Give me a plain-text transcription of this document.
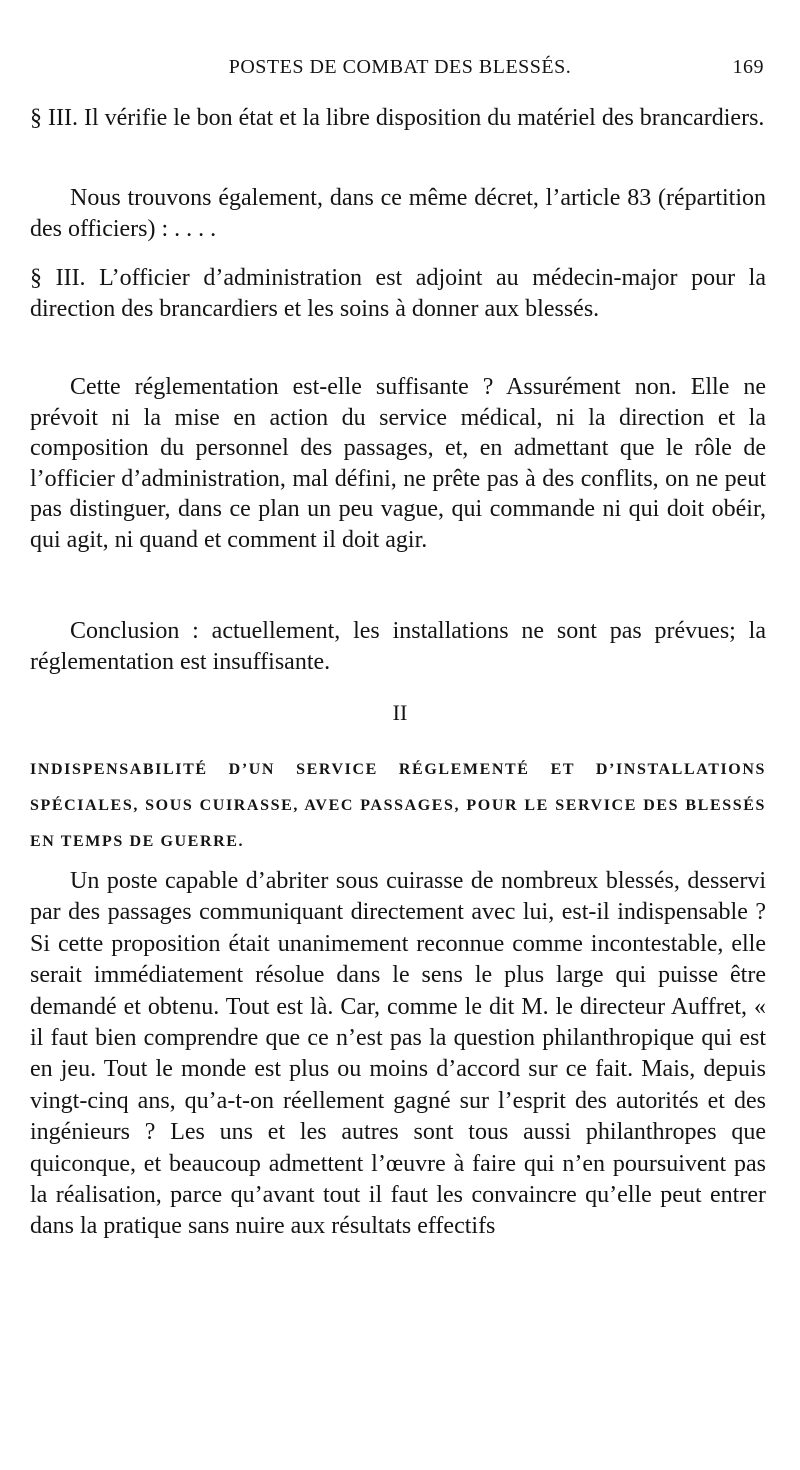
POSTES DE COMBAT DES BLESSÉS.	169

§ III. Il vérifie le bon état et la libre disposition du matériel des brancardiers.

Nous trouvons également, dans ce même décret, l’article 83 (répartition des officiers) : . . . .

§ III. L’officier d’administration est adjoint au médecin-major pour la direction des brancardiers et les soins à donner aux blessés.

Cette réglementation est-elle suffisante ? Assurément non. Elle ne prévoit ni la mise en action du service médical, ni la direction et la composition du personnel des passages, et, en admettant que le rôle de l’officier d’administration, mal défini, ne prête pas à des conflits, on ne peut pas distinguer, dans ce plan un peu vague, qui commande ni qui doit obéir, qui agit, ni quand et comment il doit agir.

Conclusion : actuellement, les installations ne sont pas prévues; la réglementation est insuffisante.

II

INDISPENSABILITÉ D’UN SERVICE RÉGLEMENTÉ ET D’INSTALLATIONS SPÉCIALES, SOUS CUIRASSE, AVEC PASSAGES, POUR LE SERVICE DES BLESSÉS EN TEMPS DE GUERRE.

Un poste capable d’abriter sous cuirasse de nombreux blessés, desservi par des passages communiquant directement avec lui, est-il indispensable ? Si cette proposition était unanimement reconnue comme incontestable, elle serait immédiatement résolue dans le sens le plus large qui puisse être demandé et obtenu. Tout est là. Car, comme le dit M. le directeur Auffret, « il faut bien comprendre que ce n’est pas la question philanthropique qui est en jeu. Tout le monde est plus ou moins d’accord sur ce fait. Mais, depuis vingt-cinq ans, qu’a-t-on réellement gagné sur l’esprit des autorités et des ingénieurs ? Les uns et les autres sont tous aussi philanthropes que quiconque, et beaucoup admettent l’œuvre à faire qui n’en poursuivent pas la réalisation, parce qu’avant tout il faut les convaincre qu’elle peut entrer dans la pratique sans nuire aux résultats effectifs
